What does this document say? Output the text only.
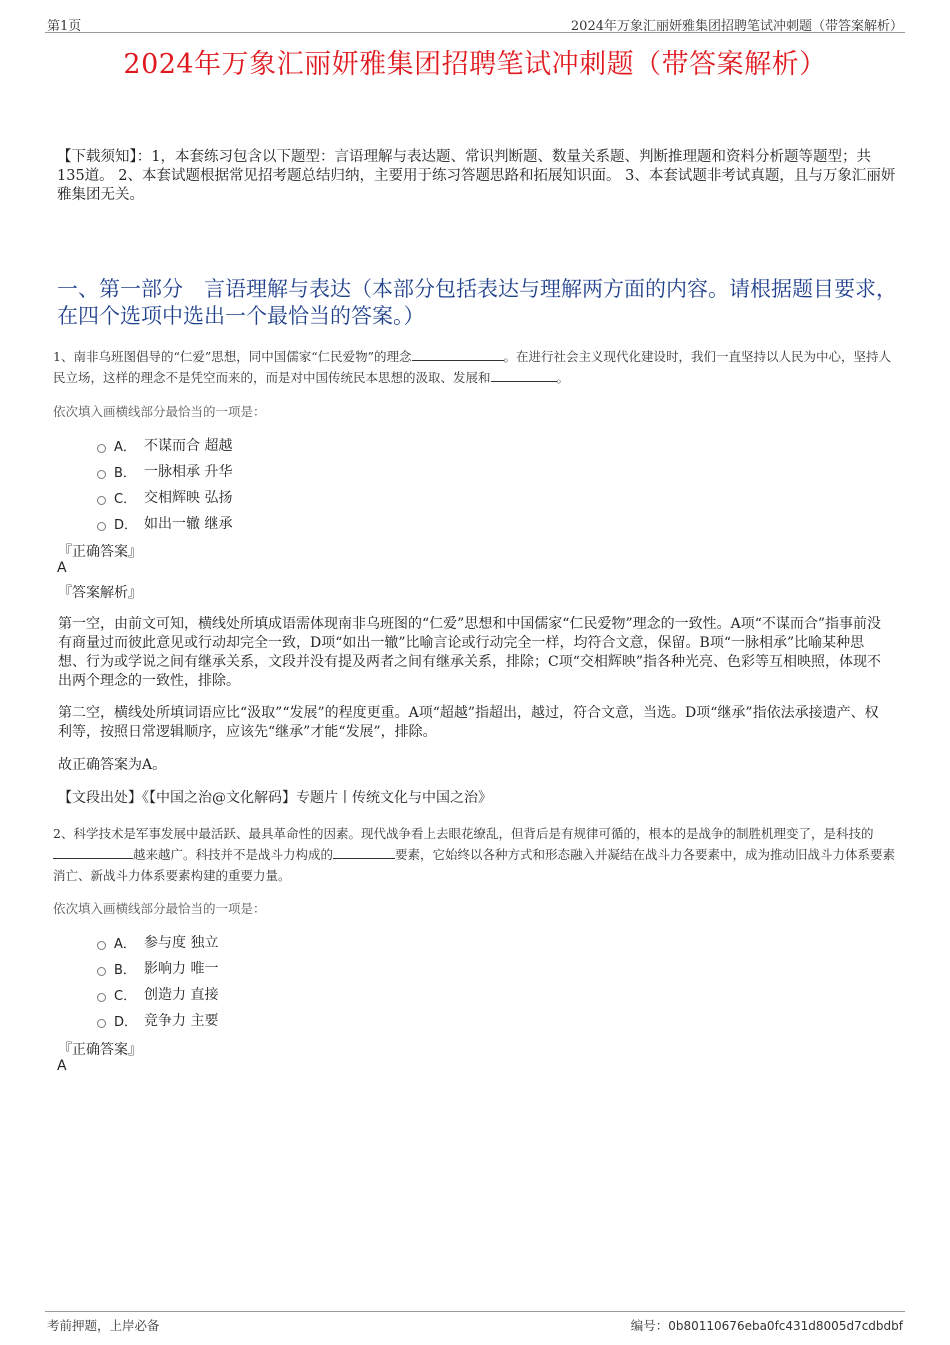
第1页	2024年万象汇丽妍雅集团招聘笔试冲刺题（带答案解析）
2024年万象汇丽妍雅集团招聘笔试冲刺题（带答案解析）
【下载须知】：1，本套练习包含以下题型：言语理解与表达题、常识判断题、数量关系题、判断推理题和资料分析题等题型；共135道。 2、本套试题根据常见招考题总结归纳，主要用于练习答题思路和拓展知识面。 3、本套试题非考试真题，且与万象汇丽妍雅集团无关。
一、第一部分　言语理解与表达（本部分包括表达与理解两方面的内容。请根据题目要求，在四个选项中选出一个最恰当的答案。）
1、南非乌班图倡导的“仁爱”思想，同中国儒家“仁民爱物”的理念	。在进行社会主义现代化建设时，我们一直坚持以人民为中心，坚持人民立场，这样的理念不是凭空而来的，而是对中国传统民本思想的汲取、发展和	。
依次填入画横线部分最恰当的一项是：
A． 不谋而合 超越
B． 一脉相承 升华
C． 交相辉映 弘扬
D． 如出一辙 继承
『正确答案』
A
『答案解析』
第一空，由前文可知，横线处所填成语需体现南非乌班图的“仁爱”思想和中国儒家“仁民爱物”理念的一致性。A项“不谋而合”指事前没有商量过而彼此意见或行动却完全一致，D项“如出一辙”比喻言论或行动完全一样，均符合文意，保留。B项“一脉相承”比喻某种思想、行为或学说之间有继承关系，文段并没有提及两者之间有继承关系，排除；C项“交相辉映”指各种光亮、色彩等互相映照，体现不出两个理念的一致性，排除。
第二空，横线处所填词语应比“汲取”“发展”的程度更重。A项“超越”指超出，越过，符合文意，当选。D项“继承”指依法承接遗产、权利等，按照日常逻辑顺序，应该先“继承”才能“发展”，排除。
故正确答案为A。
【文段出处】《【中国之治@文化解码】专题片丨传统文化与中国之治》
2、科学技术是军事发展中最活跃、最具革命性的因素。现代战争看上去眼花缭乱，但背后是有规律可循的，根本的是战争的制胜机理变了，是科技的越来越广。科技并不是战斗力构成的	要素，它始终以各种方式和形态融入并凝结在战斗力各要素中，成为推动旧战斗力体系要素消亡、新战斗力体系要素构建的重要力量。
依次填入画横线部分最恰当的一项是：
A． 参与度 独立
B． 影响力 唯一
C． 创造力 直接
D． 竞争力 主要
『正确答案』
A
考前押题，上岸必备	编号：0b80110676eba0fc431d8005d7cdbdbf
